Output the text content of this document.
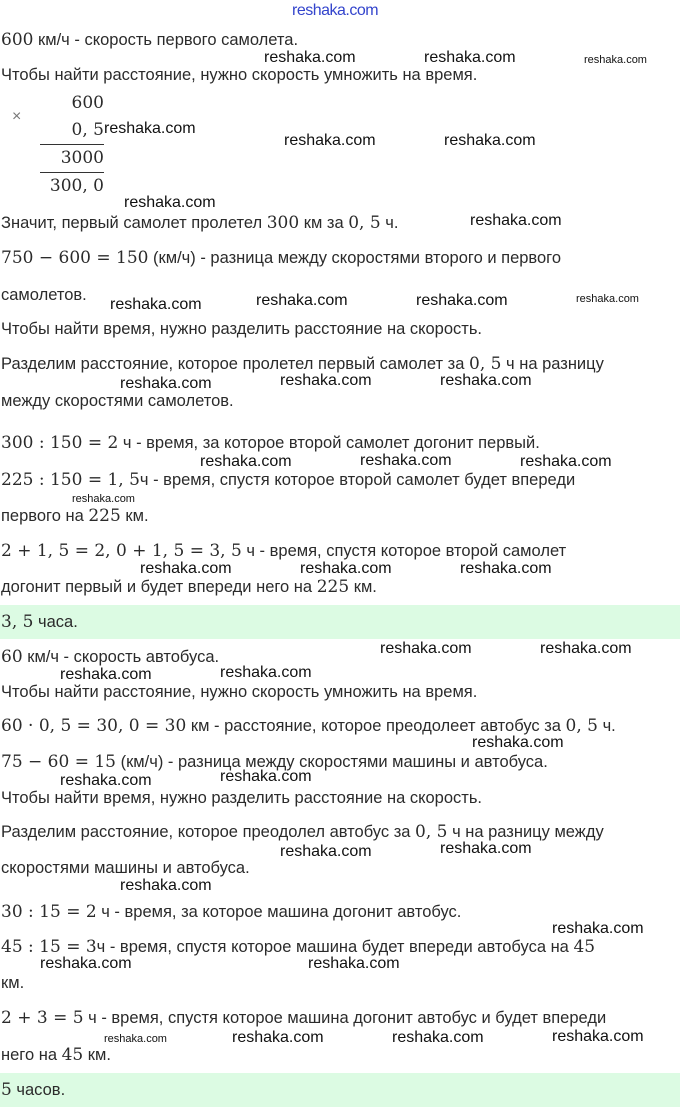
×
600
0, 5
3000
300, 0
600 км/ч - скорость первого самолета.
Чтобы найти расстояние, нужно скорость умножить на время.
Значит, первый самолет пролетел 300 км за 0, 5 ч.
750 − 600 = 150 (км/ч) - разница между скоростями второго и первого
самолетов.
Чтобы найти время, нужно разделить расстояние на скорость.
Разделим расстояние, которое пролетел первый самолет за 0, 5 ч на разницу
между скоростями самолетов.
300 : 150 = 2 ч - время, за которое второй самолет догонит первый.
225 : 150 = 1, 5ч - время, спустя которое второй самолет будет впереди
первого на 225 км.
2 + 1, 5 = 2, 0 + 1, 5 = 3, 5 ч - время, спустя которое второй самолет
догонит первый и будет впереди него на 225 км.
60 км/ч - скорость автобуса.
Чтобы найти расстояние, нужно скорость умножить на время.
60 · 0, 5 = 30, 0 = 30 км - расстояние, которое преодолеет автобус за 0, 5 ч.
75 − 60 = 15 (км/ч) - разница между скоростями машины и автобуса.
Чтобы найти время, нужно разделить расстояние на скорость.
Разделим расстояние, которое преодолел автобус за 0, 5 ч на разницу между
скоростями машины и автобуса.
30 : 15 = 2 ч - время, за которое машина догонит автобус.
45 : 15 = 3ч - время, спустя которое машина будет впереди автобуса на 45
км.
2 + 3 = 5 ч - время, спустя которое машина догонит автобус и будет впереди
него на 45 км.
3, 5 часа.
5 часов.
reshaka.com
reshaka.com	reshaka.com	reshaka.com
reshaka.com
reshaka.com	reshaka.com
reshaka.com
reshaka.com
reshaka.com	reshaka.com	reshaka.com	reshaka.com
reshaka.com	reshaka.com	reshaka.com
reshaka.com	reshaka.com	reshaka.com
reshaka.com
reshaka.com	reshaka.com	reshaka.com
reshaka.com	reshaka.com
reshaka.com	reshaka.com
reshaka.com
reshaka.com	reshaka.com
reshaka.com	reshaka.com
reshaka.com
reshaka.com
reshaka.com	reshaka.com
reshaka.com	reshaka.com	reshaka.com	reshaka.com
